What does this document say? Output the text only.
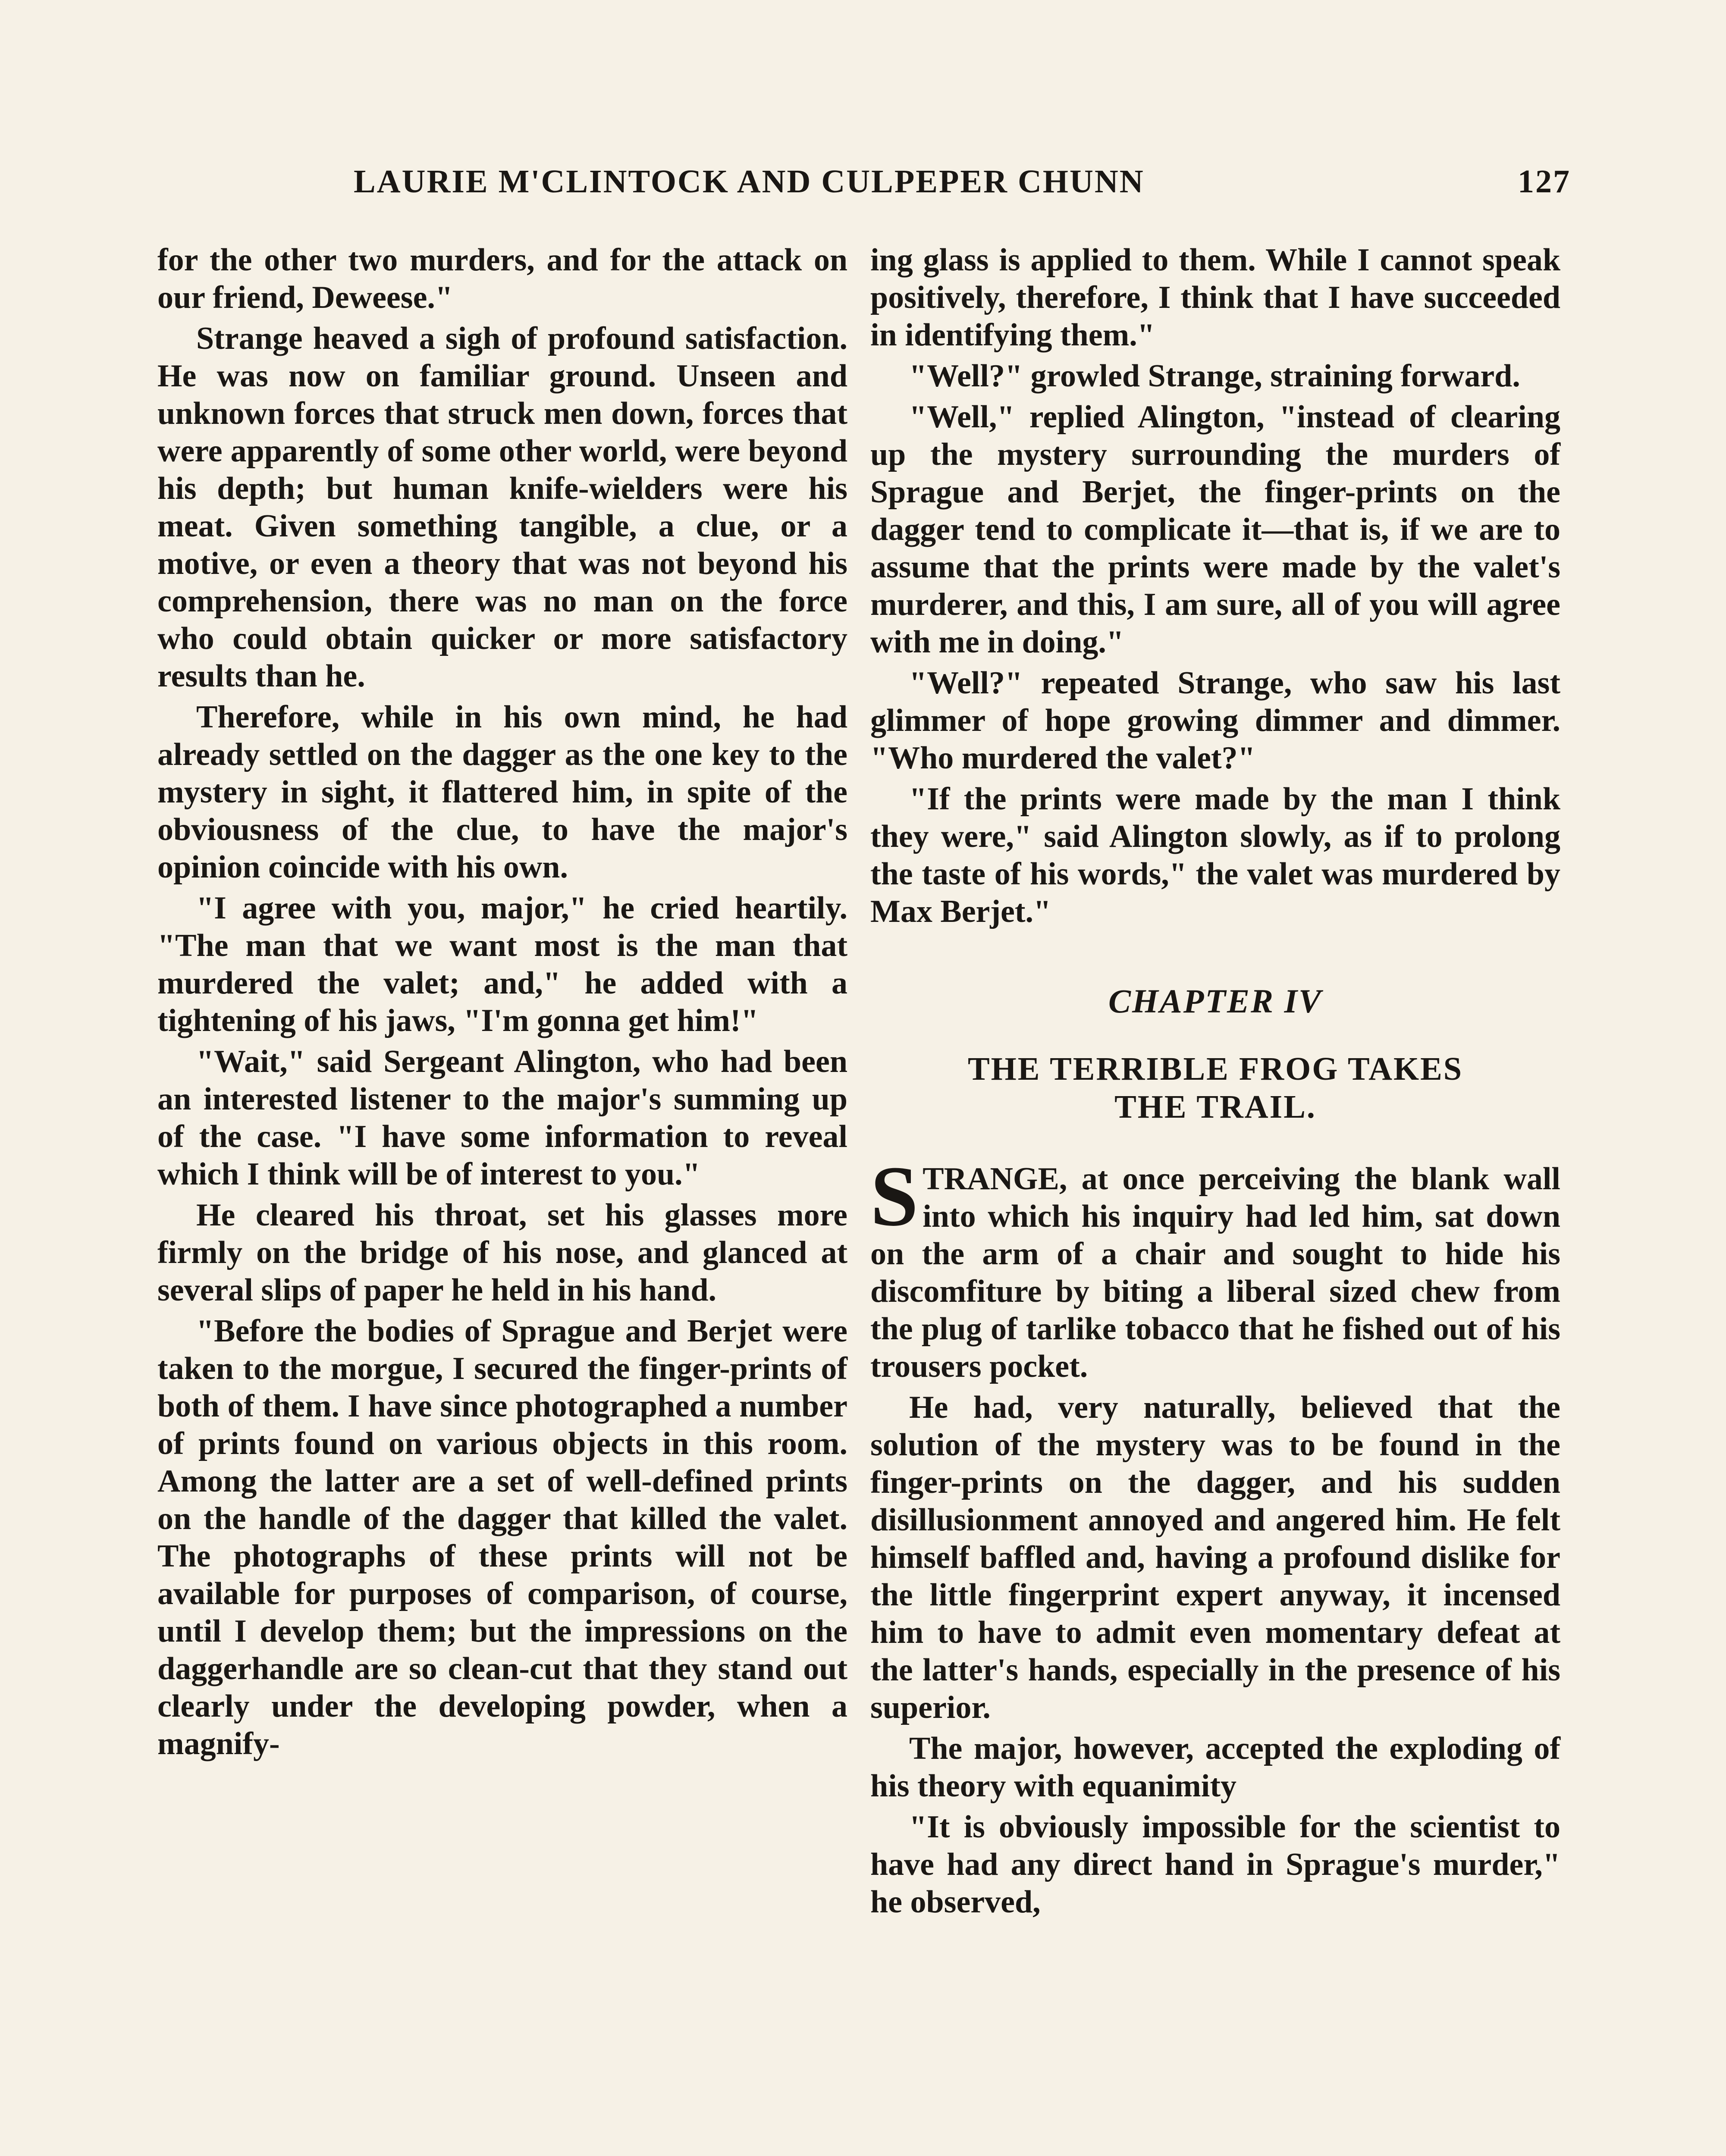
LAURIE M'CLINTOCK AND CULPEPER CHUNN	127

for the other two murders, and for the attack on our friend, Deweese."

Strange heaved a sigh of profound satisfaction. He was now on familiar ground. Unseen and unknown forces that struck men down, forces that were apparently of some other world, were beyond his depth; but human knife-wielders were his meat. Given something tangible, a clue, or a motive, or even a theory that was not beyond his comprehension, there was no man on the force who could obtain quicker or more satisfactory results than he.

Therefore, while in his own mind, he had already settled on the dagger as the one key to the mystery in sight, it flattered him, in spite of the obviousness of the clue, to have the major's opinion coincide with his own.

"I agree with you, major," he cried heartily. "The man that we want most is the man that murdered the valet; and," he added with a tightening of his jaws, "I'm gonna get him!"

"Wait," said Sergeant Alington, who had been an interested listener to the major's summing up of the case. "I have some information to reveal which I think will be of interest to you."

He cleared his throat, set his glasses more firmly on the bridge of his nose, and glanced at several slips of paper he held in his hand.

"Before the bodies of Sprague and Berjet were taken to the morgue, I secured the finger-prints of both of them. I have since photographed a number of prints found on various objects in this room. Among the latter are a set of well-defined prints on the handle of the dagger that killed the valet. The photographs of these prints will not be available for purposes of comparison, of course, until I develop them; but the impressions on the daggerhandle are so clean-cut that they stand out clearly under the developing powder, when a magnify-

ing glass is applied to them. While I cannot speak positively, therefore, I think that I have succeeded in identifying them."

"Well?" growled Strange, straining forward.

"Well," replied Alington, "instead of clearing up the mystery surrounding the murders of Sprague and Berjet, the finger-prints on the dagger tend to complicate it—that is, if we are to assume that the prints were made by the valet's murderer, and this, I am sure, all of you will agree with me in doing."

"Well?" repeated Strange, who saw his last glimmer of hope growing dimmer and dimmer. "Who murdered the valet?"

"If the prints were made by the man I think they were," said Alington slowly, as if to prolong the taste of his words," the valet was murdered by Max Berjet."

CHAPTER IV
THE TERRIBLE FROG TAKES
THE TRAIL.

STRANGE, at once perceiving the blank wall into which his inquiry had led him, sat down on the arm of a chair and sought to hide his discomfiture by biting a liberal sized chew from the plug of tarlike tobacco that he fished out of his trousers pocket.

He had, very naturally, believed that the solution of the mystery was to be found in the finger-prints on the dagger, and his sudden disillusionment annoyed and angered him. He felt himself baffled and, having a profound dislike for the little fingerprint expert anyway, it incensed him to have to admit even momentary defeat at the latter's hands, especially in the presence of his superior.

The major, however, accepted the exploding of his theory with equanimity

"It is obviously impossible for the scientist to have had any direct hand in Sprague's murder," he observed,
